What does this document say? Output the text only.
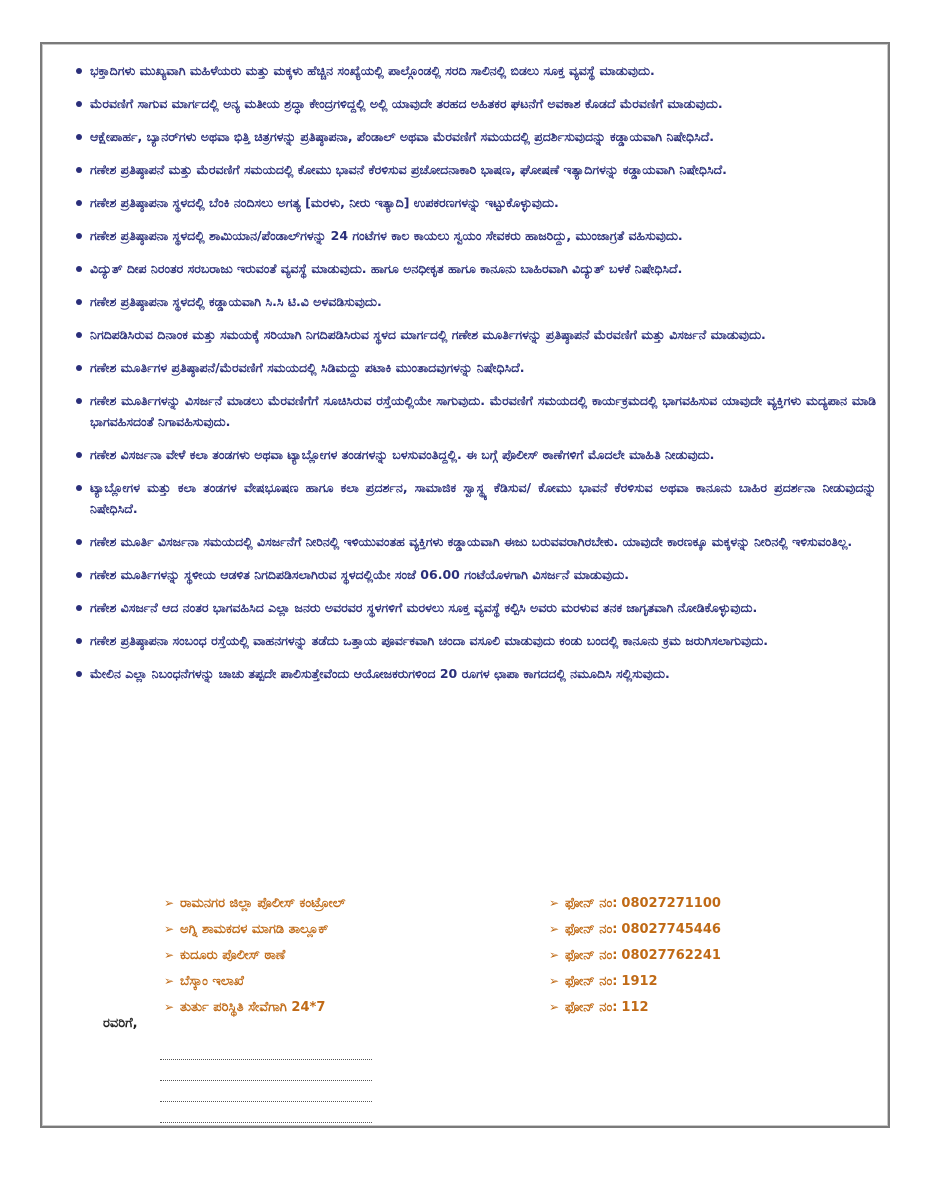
ಭಕ್ತಾದಿಗಳು ಮುಖ್ಯವಾಗಿ ಮಹಿಳೆಯರು ಮತ್ತು ಮಕ್ಕಳು ಹೆಚ್ಚಿನ ಸಂಖ್ಯೆಯಲ್ಲಿ ಪಾಲ್ಗೊಂಡಲ್ಲಿ ಸರದಿ ಸಾಲಿನಲ್ಲಿ ಬಿಡಲು ಸೂಕ್ತ ವ್ಯವಸ್ಥೆ ಮಾಡುವುದು.
ಮೆರವಣಿಗೆ ಸಾಗುವ ಮಾರ್ಗದಲ್ಲಿ ಅನ್ಯ ಮತೀಯ ಶ್ರದ್ಧಾ ಕೇಂದ್ರಗಳಿದ್ದಲ್ಲಿ ಅಲ್ಲಿ ಯಾವುದೇ ತರಹದ ಅಹಿತಕರ ಘಟನೆಗೆ ಅವಕಾಶ ಕೊಡದೆ ಮೆರವಣಿಗೆ ಮಾಡುವುದು.
ಆಕ್ಷೇಪಾರ್ಹ, ಬ್ಯಾನರ್‌ಗಳು ಅಥವಾ ಭಿತ್ತಿ ಚಿತ್ರಗಳನ್ನು ಪ್ರತಿಷ್ಠಾಪನಾ, ಪೆಂಡಾಲ್ ಅಥವಾ ಮೆರವಣಿಗೆ ಸಮಯದಲ್ಲಿ ಪ್ರದರ್ಶಿಸುವುದನ್ನು ಕಡ್ಡಾಯವಾಗಿ ನಿಷೇಧಿಸಿದೆ.
ಗಣೇಶ ಪ್ರತಿಷ್ಠಾಪನೆ ಮತ್ತು ಮೆರವಣಿಗೆ ಸಮಯದಲ್ಲಿ ಕೋಮು ಭಾವನೆ ಕೆರಳಿಸುವ ಪ್ರಚೋದನಾಕಾರಿ ಭಾಷಣ, ಘೋಷಣೆ ಇತ್ಯಾದಿಗಳನ್ನು ಕಡ್ಡಾಯವಾಗಿ ನಿಷೇಧಿಸಿದೆ.
ಗಣೇಶ ಪ್ರತಿಷ್ಠಾಪನಾ ಸ್ಥಳದಲ್ಲಿ ಬೆಂಕಿ ನಂದಿಸಲು ಅಗತ್ಯ [ಮರಳು, ನೀರು ಇತ್ಯಾದಿ] ಉಪಕರಣಗಳನ್ನು ಇಟ್ಟುಕೊಳ್ಳುವುದು.
ಗಣೇಶ ಪ್ರತಿಷ್ಠಾಪನಾ ಸ್ಥಳದಲ್ಲಿ ಶಾಮಿಯಾನ/ಪೆಂಡಾಲ್‌ಗಳನ್ನು 24 ಗಂಟೆಗಳ ಕಾಲ ಕಾಯಲು ಸ್ವಯಂ ಸೇವಕರು ಹಾಜರಿದ್ದು, ಮುಂಜಾಗ್ರತೆ ವಹಿಸುವುದು.
ವಿದ್ಯುತ್ ದೀಪ ನಿರಂತರ ಸರಬರಾಜು ಇರುವಂತೆ ವ್ಯವಸ್ಥೆ ಮಾಡುವುದು. ಹಾಗೂ ಅನಧೀಕೃತ ಹಾಗೂ ಕಾನೂನು ಬಾಹಿರವಾಗಿ ವಿದ್ಯುತ್ ಬಳಕೆ ನಿಷೇಧಿಸಿದೆ.
ಗಣೇಶ ಪ್ರತಿಷ್ಠಾಪನಾ ಸ್ಥಳದಲ್ಲಿ ಕಡ್ಡಾಯವಾಗಿ ಸಿ.ಸಿ ಟಿ.ವಿ ಅಳವಡಿಸುವುದು.
ನಿಗದಿಪಡಿಸಿರುವ ದಿನಾಂಕ ಮತ್ತು ಸಮಯಕ್ಕೆ ಸರಿಯಾಗಿ ನಿಗದಿಪಡಿಸಿರುವ ಸ್ಥಳದ ಮಾರ್ಗದಲ್ಲಿ ಗಣೇಶ ಮೂರ್ತಿಗಳನ್ನು ಪ್ರತಿಷ್ಠಾಪನೆ ಮೆರವಣಿಗೆ ಮತ್ತು ವಿಸರ್ಜನೆ ಮಾಡುವುದು.
ಗಣೇಶ ಮೂರ್ತಿಗಳ ಪ್ರತಿಷ್ಠಾಪನೆ/ಮೆರವಣಿಗೆ ಸಮಯದಲ್ಲಿ ಸಿಡಿಮದ್ದು ಪಟಾಕಿ ಮುಂತಾದವುಗಳನ್ನು ನಿಷೇಧಿಸಿದೆ.
ಗಣೇಶ ಮೂರ್ತಿಗಳನ್ನು ವಿಸರ್ಜನೆ ಮಾಡಲು ಮೆರವಣಿಗೆಗೆ ಸೂಚಿಸಿರುವ ರಸ್ತೆಯಲ್ಲಿಯೇ ಸಾಗುವುದು. ಮೆರವಣಿಗೆ ಸಮಯದಲ್ಲಿ ಕಾರ್ಯಕ್ರಮದಲ್ಲಿ ಭಾಗವಹಿಸುವ ಯಾವುದೇ ವ್ಯಕ್ತಿಗಳು ಮದ್ಯಪಾನ ಮಾಡಿ ಭಾಗವಹಿಸದಂತೆ ನಿಗಾವಹಿಸುವುದು.
ಗಣೇಶ ವಿಸರ್ಜನಾ ವೇಳೆ ಕಲಾ ತಂಡಗಳು ಅಥವಾ ಟ್ಯಾಬ್ಲೋಗಳ ತಂಡಗಳನ್ನು ಬಳಸುವಂತಿದ್ದಲ್ಲಿ. ಈ ಬಗ್ಗೆ ಪೊಲೀಸ್ ಠಾಣೆಗಳಿಗೆ ಮೊದಲೇ ಮಾಹಿತಿ ನೀಡುವುದು.
ಟ್ಯಾಬ್ಲೋಗಳ ಮತ್ತು ಕಲಾ ತಂಡಗಳ ವೇಷಭೂಷಣ ಹಾಗೂ ಕಲಾ ಪ್ರದರ್ಶನ, ಸಾಮಾಜಿಕ ಸ್ವಾಸ್ಥ್ಯ ಕೆಡಿಸುವ/ ಕೋಮು ಭಾವನೆ ಕೆರಳಿಸುವ ಅಥವಾ ಕಾನೂನು ಬಾಹಿರ ಪ್ರದರ್ಶನಾ ನೀಡುವುದನ್ನು ನಿಷೇಧಿಸಿದೆ.
ಗಣೇಶ ಮೂರ್ತಿ ವಿಸರ್ಜನಾ ಸಮಯದಲ್ಲಿ ವಿಸರ್ಜನೆಗೆ ನೀರಿನಲ್ಲಿ ಇಳಿಯುವಂತಹ ವ್ಯಕ್ತಿಗಳು ಕಡ್ಡಾಯವಾಗಿ ಈಜು ಬರುವವರಾಗಿರಬೇಕು. ಯಾವುದೇ ಕಾರಣಕ್ಕೂ ಮಕ್ಕಳನ್ನು ನೀರಿನಲ್ಲಿ ಇಳಿಸುವಂತಿಲ್ಲ.
ಗಣೇಶ ಮೂರ್ತಿಗಳನ್ನು ಸ್ಥಳೀಯ ಆಡಳಿತ ನಿಗದಿಪಡಿಸಲಾಗಿರುವ ಸ್ಥಳದಲ್ಲಿಯೇ ಸಂಜೆ 06.00 ಗಂಟೆಯೊಳಗಾಗಿ ವಿಸರ್ಜನೆ ಮಾಡುವುದು.
ಗಣೇಶ ವಿಸರ್ಜನೆ ಆದ ನಂತರ ಭಾಗವಹಿಸಿದ ಎಲ್ಲಾ ಜನರು ಅವರವರ ಸ್ಥಳಗಳಿಗೆ ಮರಳಲು ಸೂಕ್ತ ವ್ಯವಸ್ಥೆ ಕಲ್ಪಿಸಿ ಅವರು ಮರಳುವ ತನಕ ಜಾಗೃತವಾಗಿ ನೋಡಿಕೊಳ್ಳುವುದು.
ಗಣೇಶ ಪ್ರತಿಷ್ಠಾಪನಾ ಸಂಬಂಧ ರಸ್ತೆಯಲ್ಲಿ ವಾಹನಗಳನ್ನು ತಡೆದು ಒತ್ತಾಯ ಪೂರ್ವಕವಾಗಿ ಚಂದಾ ವಸೂಲಿ ಮಾಡುವುದು ಕಂಡು ಬಂದಲ್ಲಿ ಕಾನೂನು ಕ್ರಮ ಜರುಗಿಸಲಾಗುವುದು.
ಮೇಲಿನ ಎಲ್ಲಾ ನಿಬಂಧನೆಗಳನ್ನು ಚಾಚು ತಪ್ಪದೇ ಪಾಲಿಸುತ್ತೇವೆಂದು ಆಯೋಜಕರುಗಳಿಂದ 20 ರೂಗಳ ಛಾಪಾ ಕಾಗದದಲ್ಲಿ ನಮೂದಿಸಿ ಸಲ್ಲಿಸುವುದು.
➢ ರಾಮನಗರ ಜಿಲ್ಲಾ ಪೊಲೀಸ್ ಕಂಟ್ರೋಲ್	➢ ಫೋನ್ ನಂ: 08027271100
➢ ಅಗ್ನಿ ಶಾಮಕದಳ ಮಾಗಡಿ ತಾಲ್ಲೂಕ್	➢ ಫೋನ್ ನಂ: 08027745446
➢ ಕುದೂರು ಪೊಲೀಸ್ ಠಾಣೆ	➢ ಫೋನ್ ನಂ: 08027762241
➢ ಬೆಸ್ಕಾಂ ಇಲಾಖೆ	➢ ಫೋನ್ ನಂ: 1912
➢ ತುರ್ತು ಪರಿಸ್ಥಿತಿ ಸೇವೆಗಾಗಿ 24*7	➢ ಫೋನ್ ನಂ: 112
ರವರಿಗೆ,
